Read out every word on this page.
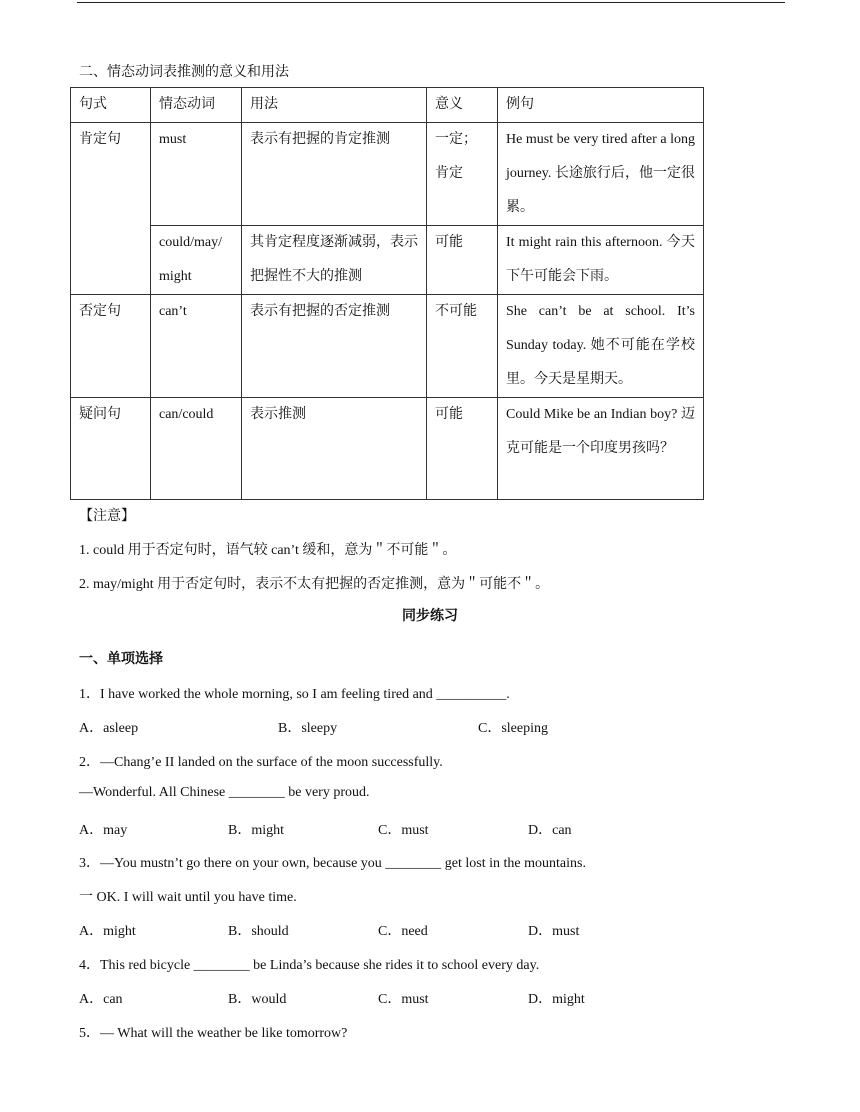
二、情态动词表推测的意义和用法
句式	情态动词	用法	意义	例句
肯定句	must	表示有把握的肯定推测	一定；肯定	He must be very tired after a long journey. 长途旅行后，他一定很累。
	could/may/ might	其肯定程度逐渐减弱，表示把握性不大的推测	可能	It might rain this afternoon. 今天下午可能会下雨。
否定句	can’t	表示有把握的否定推测	不可能	She can’t be at school. It’s Sunday today. 她不可能在学校里。今天是星期天。
疑问句	can/could	表示推测	可能	Could Mike be an Indian boy? 迈克可能是一个印度男孩吗？
【注意】
1. could 用于否定句时，语气较 can’t 缓和，意为＂不可能＂。
2. may/might 用于否定句时，表示不太有把握的否定推测，意为＂可能不＂。
同步练习
一、单项选择
1．I have worked the whole morning, so I am feeling tired and __________.
A．asleep	B．sleepy	C．sleeping
2．—Chang’e II landed on the surface of the moon successfully.
—Wonderful. All Chinese ________ be very proud.
A．may	B．might	C．must	D．can
3．—You mustn’t go there on your own, because you ________ get lost in the mountains.
一 OK. I will wait until you have time.
A．might	B．should	C．need	D．must
4．This red bicycle ________ be Linda’s because she rides it to school every day.
A．can	B．would	C．must	D．might
5．— What will the weather be like tomorrow?
